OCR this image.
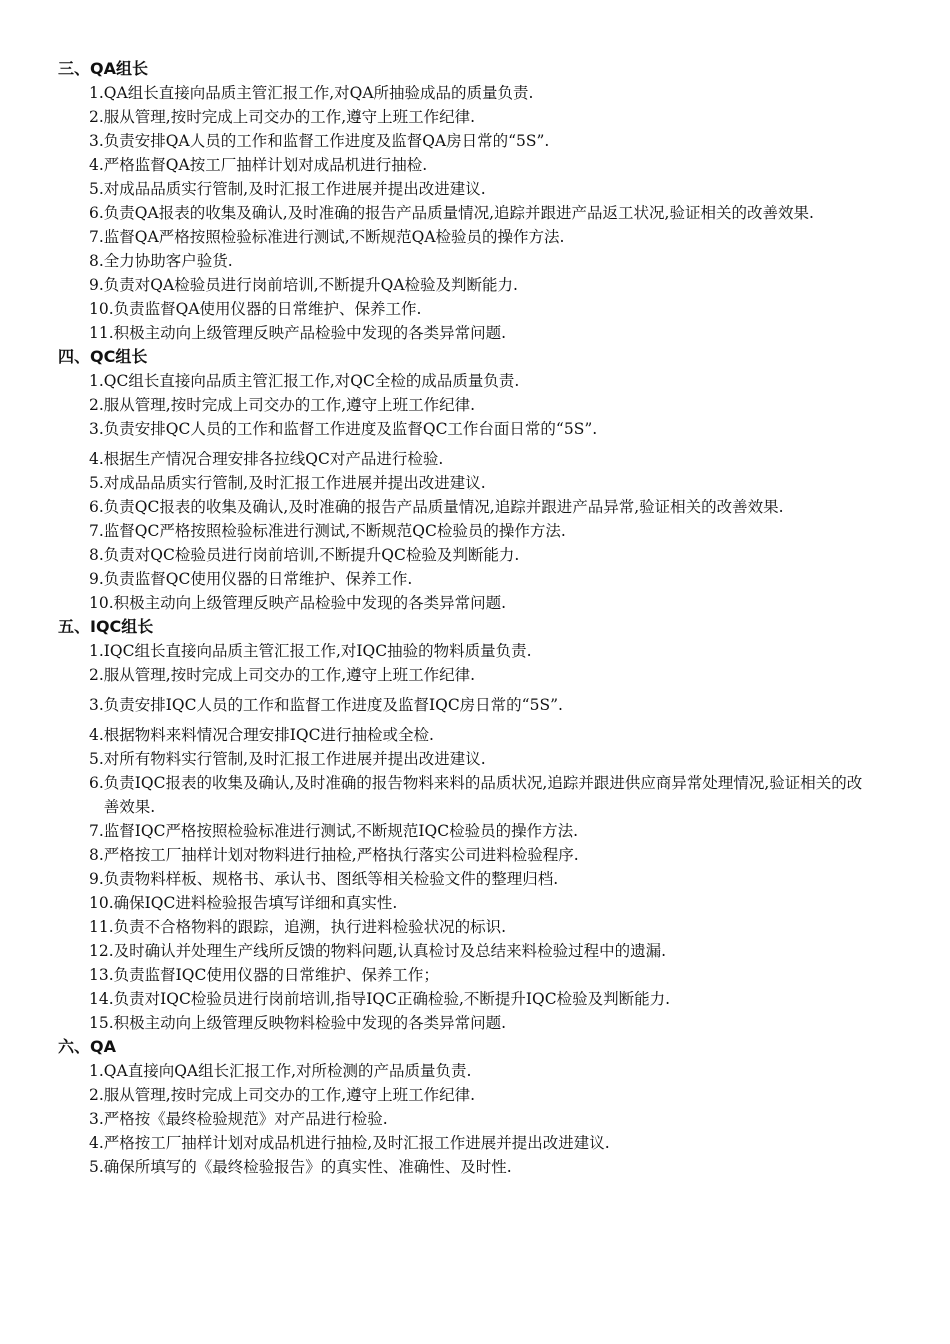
三、QA组长
1. QA组长直接向品质主管汇报工作,对QA所抽验成品的质量负责.
2. 服从管理,按时完成上司交办的工作,遵守上班工作纪律.
3. 负责安排QA人员的工作和监督工作进度及监督QA房日常的“5S”.
4. 严格监督QA按工厂抽样计划对成品机进行抽检.
5. 对成品品质实行管制,及时汇报工作进展并提出改进建议.
6. 负责QA报表的收集及确认,及时准确的报告产品质量情况,追踪并跟进产品返工状况,验证相关的改善效果.
7. 监督QA严格按照检验标准进行测试,不断规范QA检验员的操作方法.
8. 全力协助客户验货.
9. 负责对QA检验员进行岗前培训,不断提升QA检验及判断能力.
10. 负责监督QA使用仪器的日常维护、保养工作.
11. 积极主动向上级管理反映产品检验中发现的各类异常问题.
四、QC组长
1. QC组长直接向品质主管汇报工作,对QC全检的成品质量负责.
2. 服从管理,按时完成上司交办的工作,遵守上班工作纪律.
3. 负责安排QC人员的工作和监督工作进度及监督QC工作台面日常的“5S”.
4. 根据生产情况合理安排各拉线QC对产品进行检验.
5. 对成品品质实行管制,及时汇报工作进展并提出改进建议.
6. 负责QC报表的收集及确认,及时准确的报告产品质量情况,追踪并跟进产品异常,验证相关的改善效果.
7. 监督QC严格按照检验标准进行测试,不断规范QC检验员的操作方法.
8. 负责对QC检验员进行岗前培训,不断提升QC检验及判断能力.
9. 负责监督QC使用仪器的日常维护、保养工作.
10. 积极主动向上级管理反映产品检验中发现的各类异常问题.
五、IQC组长
1. IQC组长直接向品质主管汇报工作,对IQC抽验的物料质量负责.
2. 服从管理,按时完成上司交办的工作,遵守上班工作纪律.
3. 负责安排IQC人员的工作和监督工作进度及监督IQC房日常的“5S”.
4. 根据物料来料情况合理安排IQC进行抽检或全检.
5. 对所有物料实行管制,及时汇报工作进展并提出改进建议.
6. 负责IQC报表的收集及确认,及时准确的报告物料来料的品质状况,追踪并跟进供应商异常处理情况,验证相关的改善效果.
7. 监督IQC严格按照检验标准进行测试,不断规范IQC检验员的操作方法.
8. 严格按工厂抽样计划对物料进行抽检,严格执行落实公司进料检验程序.
9. 负责物料样板、规格书、承认书、图纸等相关检验文件的整理归档.
10. 确保IQC进料检验报告填写详细和真实性.
11. 负责不合格物料的跟踪，追溯，执行进料检验状况的标识.
12. 及时确认并处理生产线所反馈的物料问题,认真检讨及总结来料检验过程中的遗漏.
13. 负责监督IQC使用仪器的日常维护、保养工作；
14. 负责对IQC检验员进行岗前培训,指导IQC正确检验,不断提升IQC检验及判断能力.
15. 积极主动向上级管理反映物料检验中发现的各类异常问题.
六、QA
1. QA直接向QA组长汇报工作,对所检测的产品质量负责.
2. 服从管理,按时完成上司交办的工作,遵守上班工作纪律.
3. 严格按《最终检验规范》对产品进行检验.
4. 严格按工厂抽样计划对成品机进行抽检,及时汇报工作进展并提出改进建议.
5. 确保所填写的《最终检验报告》的真实性、准确性、及时性.
